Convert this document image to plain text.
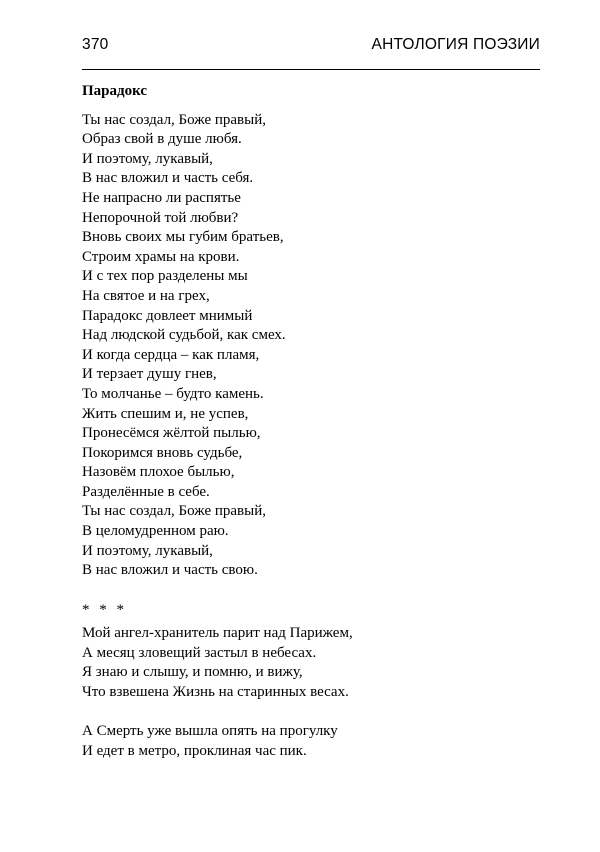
370	АНТОЛОГИЯ ПОЭЗИИ
Парадокс
Ты нас создал, Боже правый,
Образ свой в душе любя.
И поэтому, лукавый,
В нас вложил и часть себя.
Не напрасно ли распятье
Непорочной той любви?
Вновь своих мы губим братьев,
Строим храмы на крови.
И с тех пор разделены мы
На святое и на грех,
Парадокс довлеет мнимый
Над людской судьбой, как смех.
И когда сердца – как пламя,
И терзает душу гнев,
То молчанье – будто камень.
Жить спешим и, не успев,
Пронесёмся жёлтой пылью,
Покоримся вновь судьбе,
Назовём плохое былью,
Разделённые в себе.
Ты нас создал, Боже правый,
В целомудренном раю.
И поэтому, лукавый,
В нас вложил и часть свою.
* * *
Мой ангел-хранитель парит над Парижем,
А месяц зловещий застыл в небесах.
Я знаю и слышу, и помню, и вижу,
Что взвешена Жизнь на старинных весах.
А Смерть уже вышла опять на прогулку
И едет в метро, проклиная час пик.
